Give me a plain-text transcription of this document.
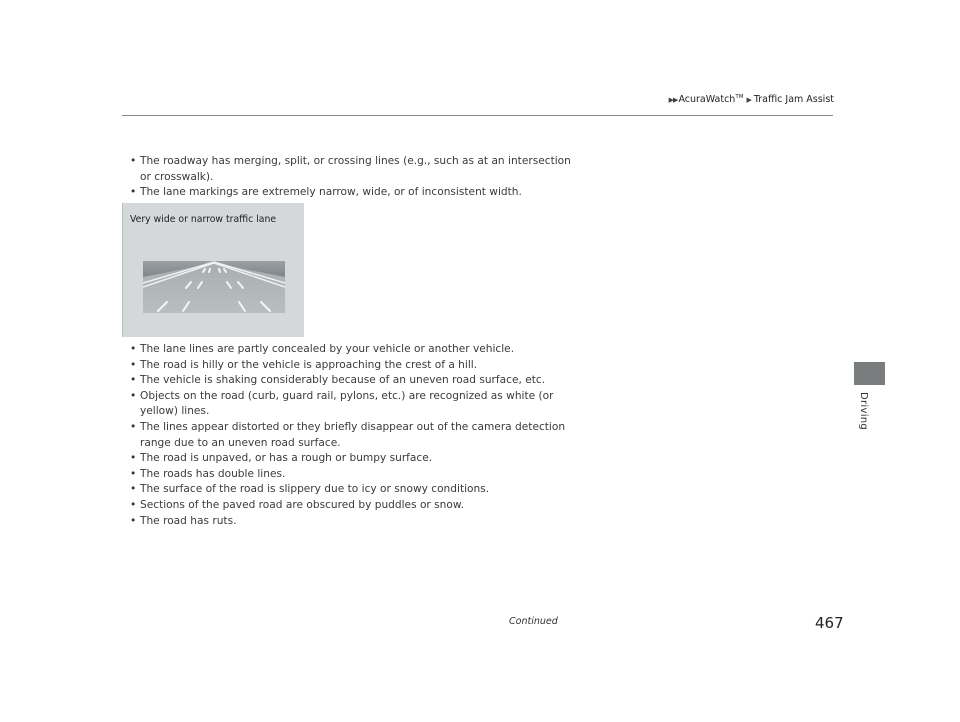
▶▶ AcuraWatch™ ▶ Traffic Jam Assist
Driving
• The roadway has merging, split, or crossing lines (e.g., such as at an intersection
or crosswalk).
• The lane markings are extremely narrow, wide, or of inconsistent width.
Very wide or narrow traffic lane
• The lane lines are partly concealed by your vehicle or another vehicle.
• The road is hilly or the vehicle is approaching the crest of a hill.
• The vehicle is shaking considerably because of an uneven road surface, etc.
• Objects on the road (curb, guard rail, pylons, etc.) are recognized as white (or
yellow) lines.
• The lines appear distorted or they briefly disappear out of the camera detection
range due to an uneven road surface.
• The road is unpaved, or has a rough or bumpy surface.
• The roads has double lines.
• The surface of the road is slippery due to icy or snowy conditions.
• Sections of the paved road are obscured by puddles or snow.
• The road has ruts.
Continued	467
